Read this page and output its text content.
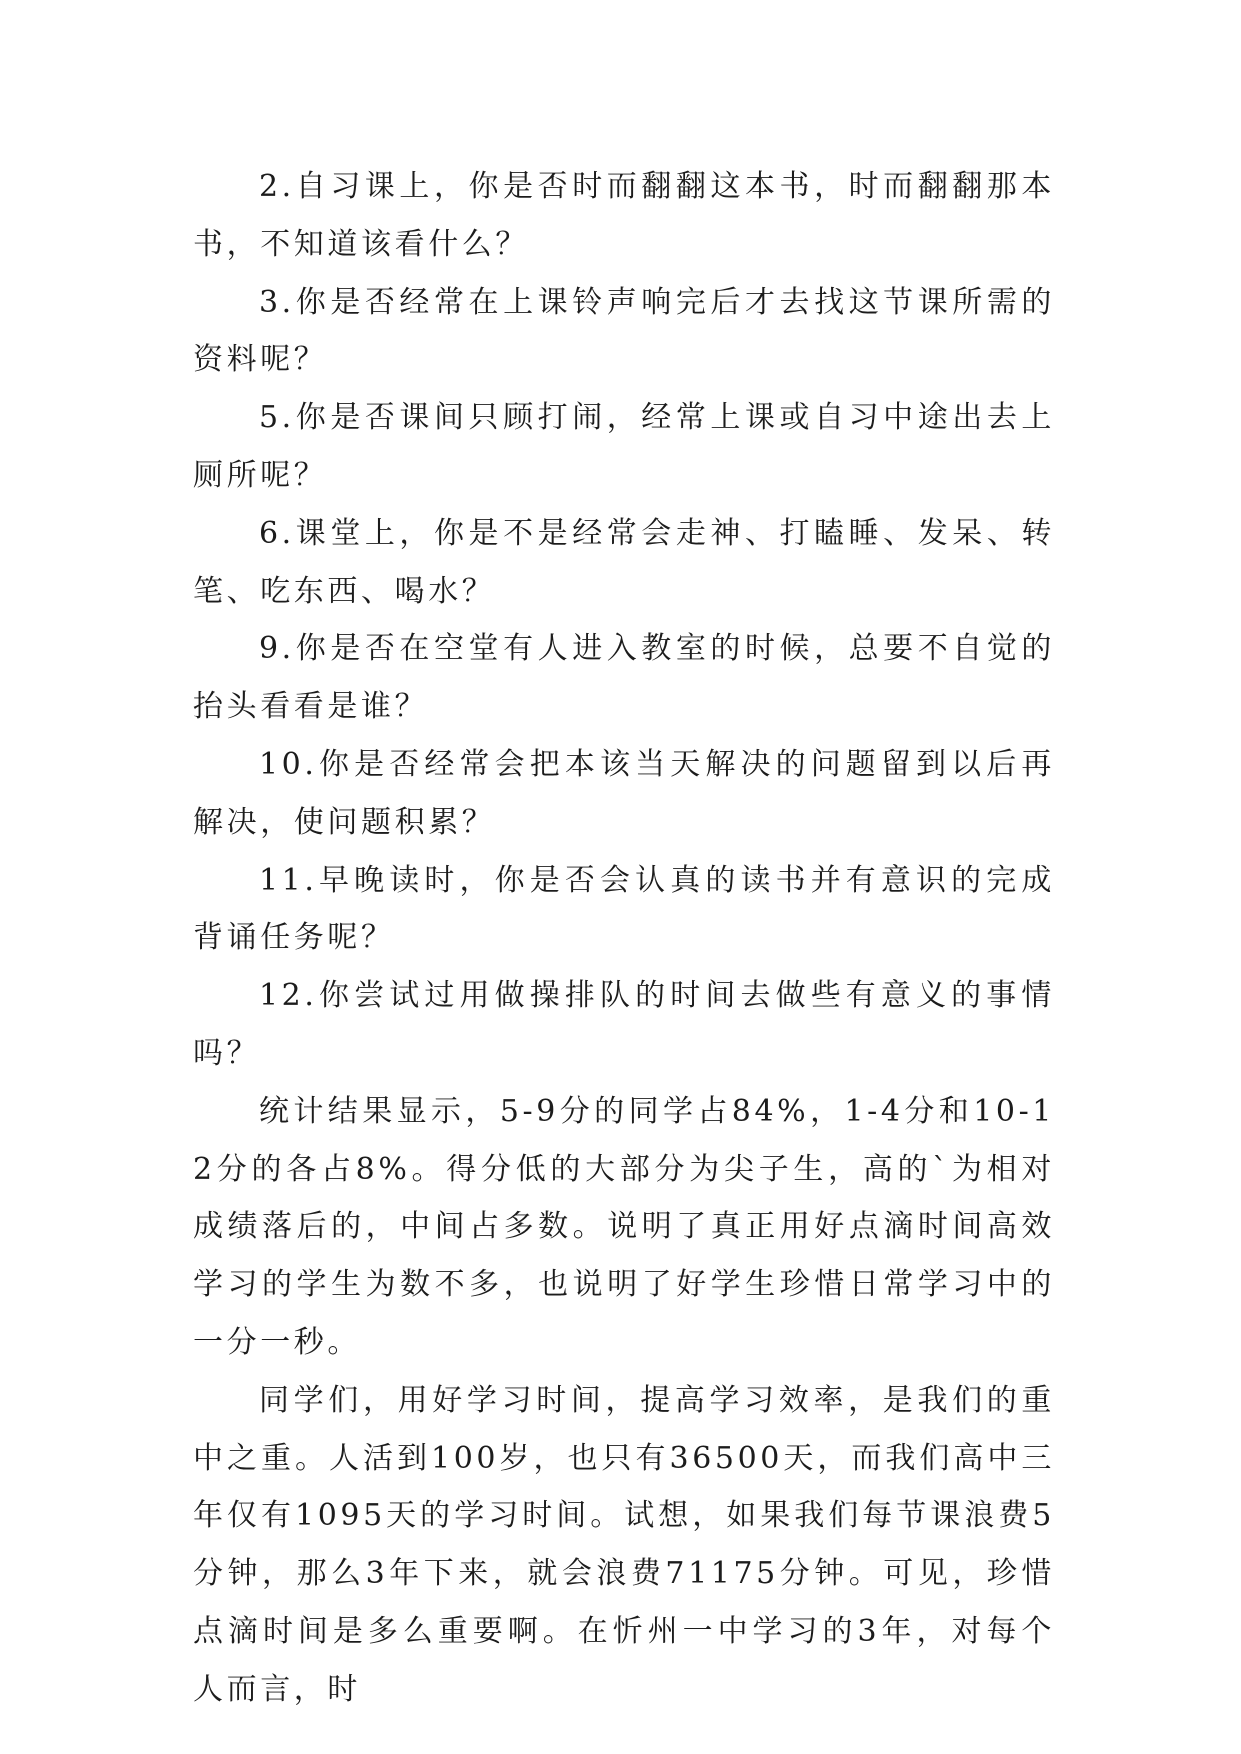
2.自习课上，你是否时而翻翻这本书，时而翻翻那本书，不知道该看什么？

3.你是否经常在上课铃声响完后才去找这节课所需的资料呢？

5.你是否课间只顾打闹，经常上课或自习中途出去上厕所呢？

6.课堂上，你是不是经常会走神、打瞌睡、发呆、转笔、吃东西、喝水？

9.你是否在空堂有人进入教室的时候，总要不自觉的抬头看看是谁？

10.你是否经常会把本该当天解决的问题留到以后再解决，使问题积累？

11.早晚读时，你是否会认真的读书并有意识的完成背诵任务呢？

12.你尝试过用做操排队的时间去做些有意义的事情吗？

统计结果显示，5-9分的同学占84%，1-4分和10-12分的各占8%。得分低的大部分为尖子生，高的`为相对成绩落后的，中间占多数。说明了真正用好点滴时间高效学习的学生为数不多，也说明了好学生珍惜日常学习中的一分一秒。

同学们，用好学习时间，提高学习效率，是我们的重中之重。人活到100岁，也只有36500天，而我们高中三年仅有1095天的学习时间。试想，如果我们每节课浪费5分钟，那么3年下来，就会浪费71175分钟。可见，珍惜点滴时间是多么重要啊。在忻州一中学习的3年，对每个人而言，时
